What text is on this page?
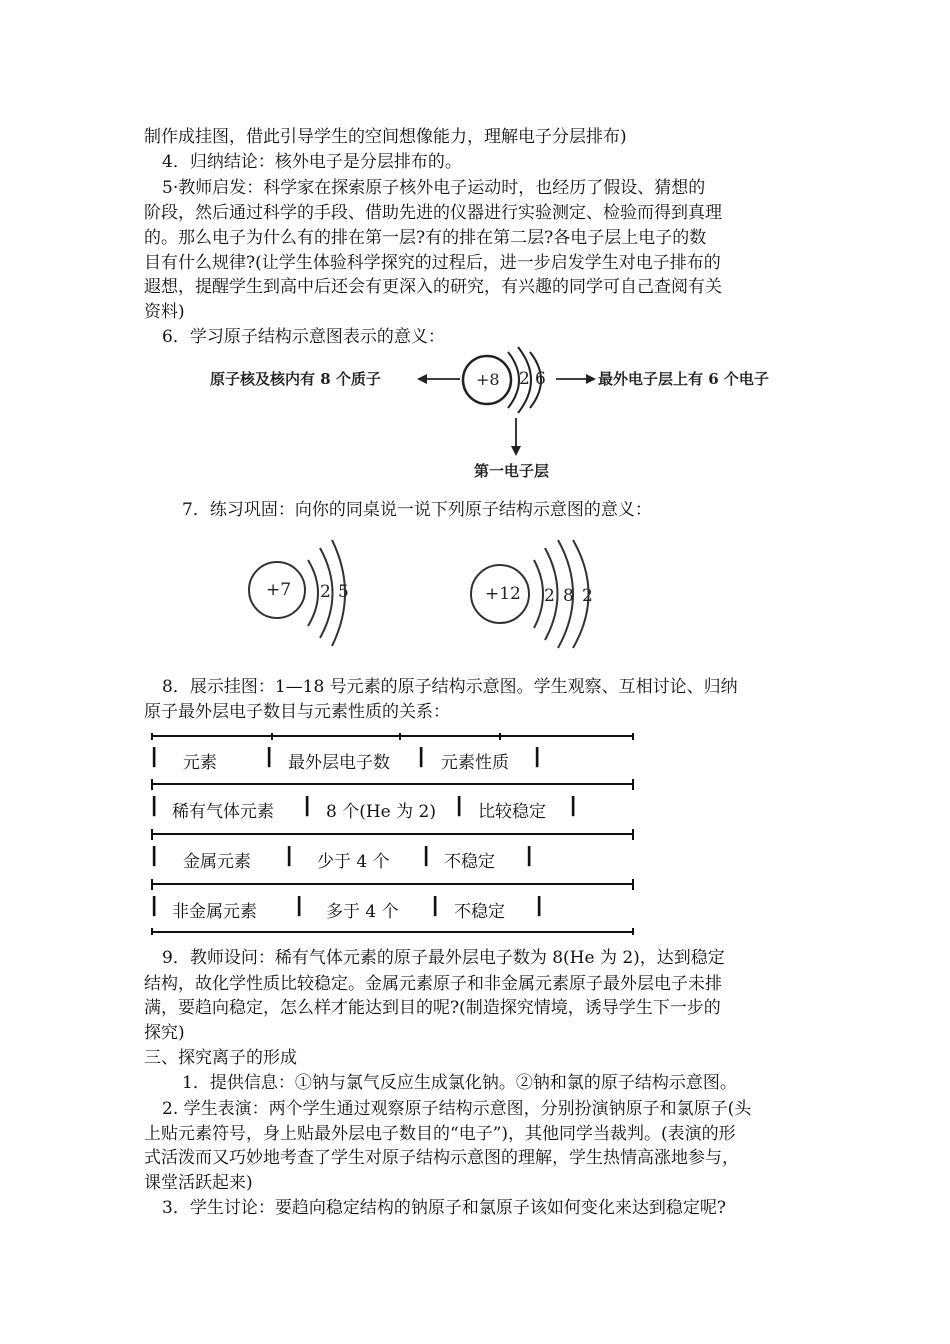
制作成挂图，借此引导学生的空间想像能力，理解电子分层排布)
4．归纳结论：核外电子是分层排布的。
5·教师启发：科学家在探索原子核外电子运动时，也经历了假设、猜想的
阶段，然后通过科学的手段、借助先进的仪器进行实验测定、检验而得到真理
的。那么电子为什么有的排在第一层?有的排在第二层?各电子层上电子的数
目有什么规律?(让学生体验科学探究的过程后，进一步启发学生对电子排布的
遐想，提醒学生到高中后还会有更深入的研究，有兴趣的同学可自己查阅有关
资料)
6．学习原子结构示意图表示的意义：
原子核及核内有 8 个质子	+8 2 6	最外电子层上有 6 个电子
第一电子层
7．练习巩固：向你的同桌说一说下列原子结构示意图的意义：
+7 2 5	+12 2 8 2
8．展示挂图：1—18 号元素的原子结构示意图。学生观察、互相讨论、归纳
原子最外层电子数目与元素性质的关系：
┃ 元素	┃ 最外层电子数 ┃ 元素性质 ┃
┃ 稀有气体元素 ┃ 8 个(He 为 2) ┃ 比较稳定 ┃
┃ 金属元素 ┃ 少于 4 个 ┃ 不稳定 ┃
┃ 非金属元素 ┃ 多于 4 个 ┃ 不稳定 ┃
9．教师设问：稀有气体元素的原子最外层电子数为 8(He 为 2)，达到稳定
结构，故化学性质比较稳定。金属元素原子和非金属元素原子最外层电子未排
满，要趋向稳定，怎么样才能达到目的呢?(制造探究情境，诱导学生下一步的
探究)
三、探究离子的形成
1．提供信息：①钠与氯气反应生成氯化钠。②钠和氯的原子结构示意图。
2. 学生表演：两个学生通过观察原子结构示意图，分别扮演钠原子和氯原子(头
上贴元素符号，身上贴最外层电子数目的“电子”)，其他同学当裁判。(表演的形
式活泼而又巧妙地考查了学生对原子结构示意图的理解，学生热情高涨地参与，
课堂活跃起来)
3．学生讨论：要趋向稳定结构的钠原子和氯原子该如何变化来达到稳定呢?
